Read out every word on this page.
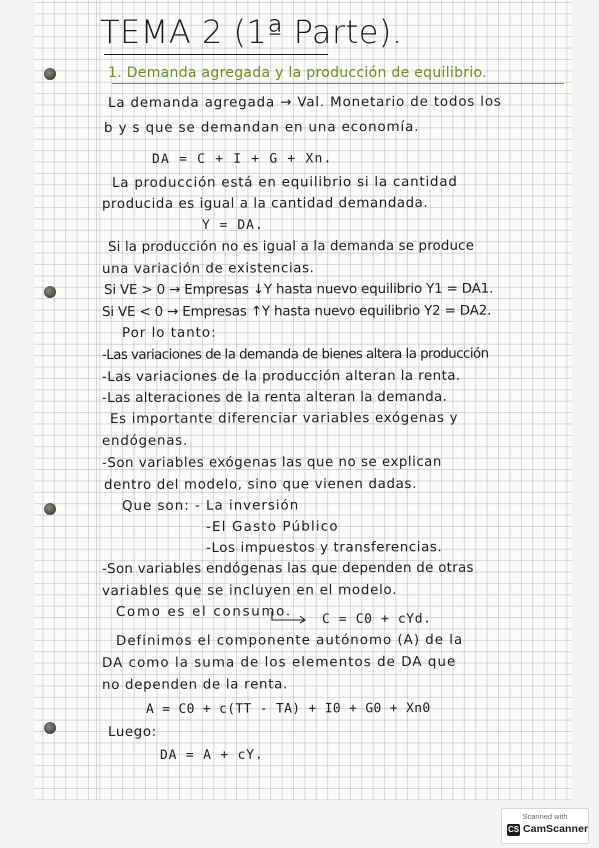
TEMA 2 (1ª Parte).
1. Demanda agregada y la producción de equilibrio.
La demanda agregada → Val. Monetario de todos los
b y s que se demandan en una economía.
DA = C + I + G + Xn.
La producción está en equilibrio si la cantidad
producida es igual a la cantidad demandada.
Y = DA.
Si la producción no es igual a la demanda se produce
una variación de existencias.
Si VE > 0 → Empresas ↓Y hasta nuevo equilibrio Y1 = DA1.
Si VE < 0 → Empresas ↑Y hasta nuevo equilibrio Y2 = DA2.
Por lo tanto:
-Las variaciones de la demanda de bienes altera la producción
-Las variaciones de la producción alteran la renta.
-Las alteraciones de la renta alteran la demanda.
Es importante diferenciar variables exógenas y
endógenas.
-Son variables exógenas las que no se explican
dentro del modelo, sino que vienen dadas.
Que son: - La inversión
-El Gasto Público
-Los impuestos y transferencias.
-Son variables endógenas las que dependen de otras
variables que se incluyen en el modelo.
Como es el consumo. C = C0 + cYd.
Definimos el componente autónomo (A) de la
DA como la suma de los elementos de DA que
no dependen de la renta.
A = C0 + c(TT - TA) + I0 + G0 + Xn0
Luego:
DA = A + cY.
Scanned with
CS CamScanner
